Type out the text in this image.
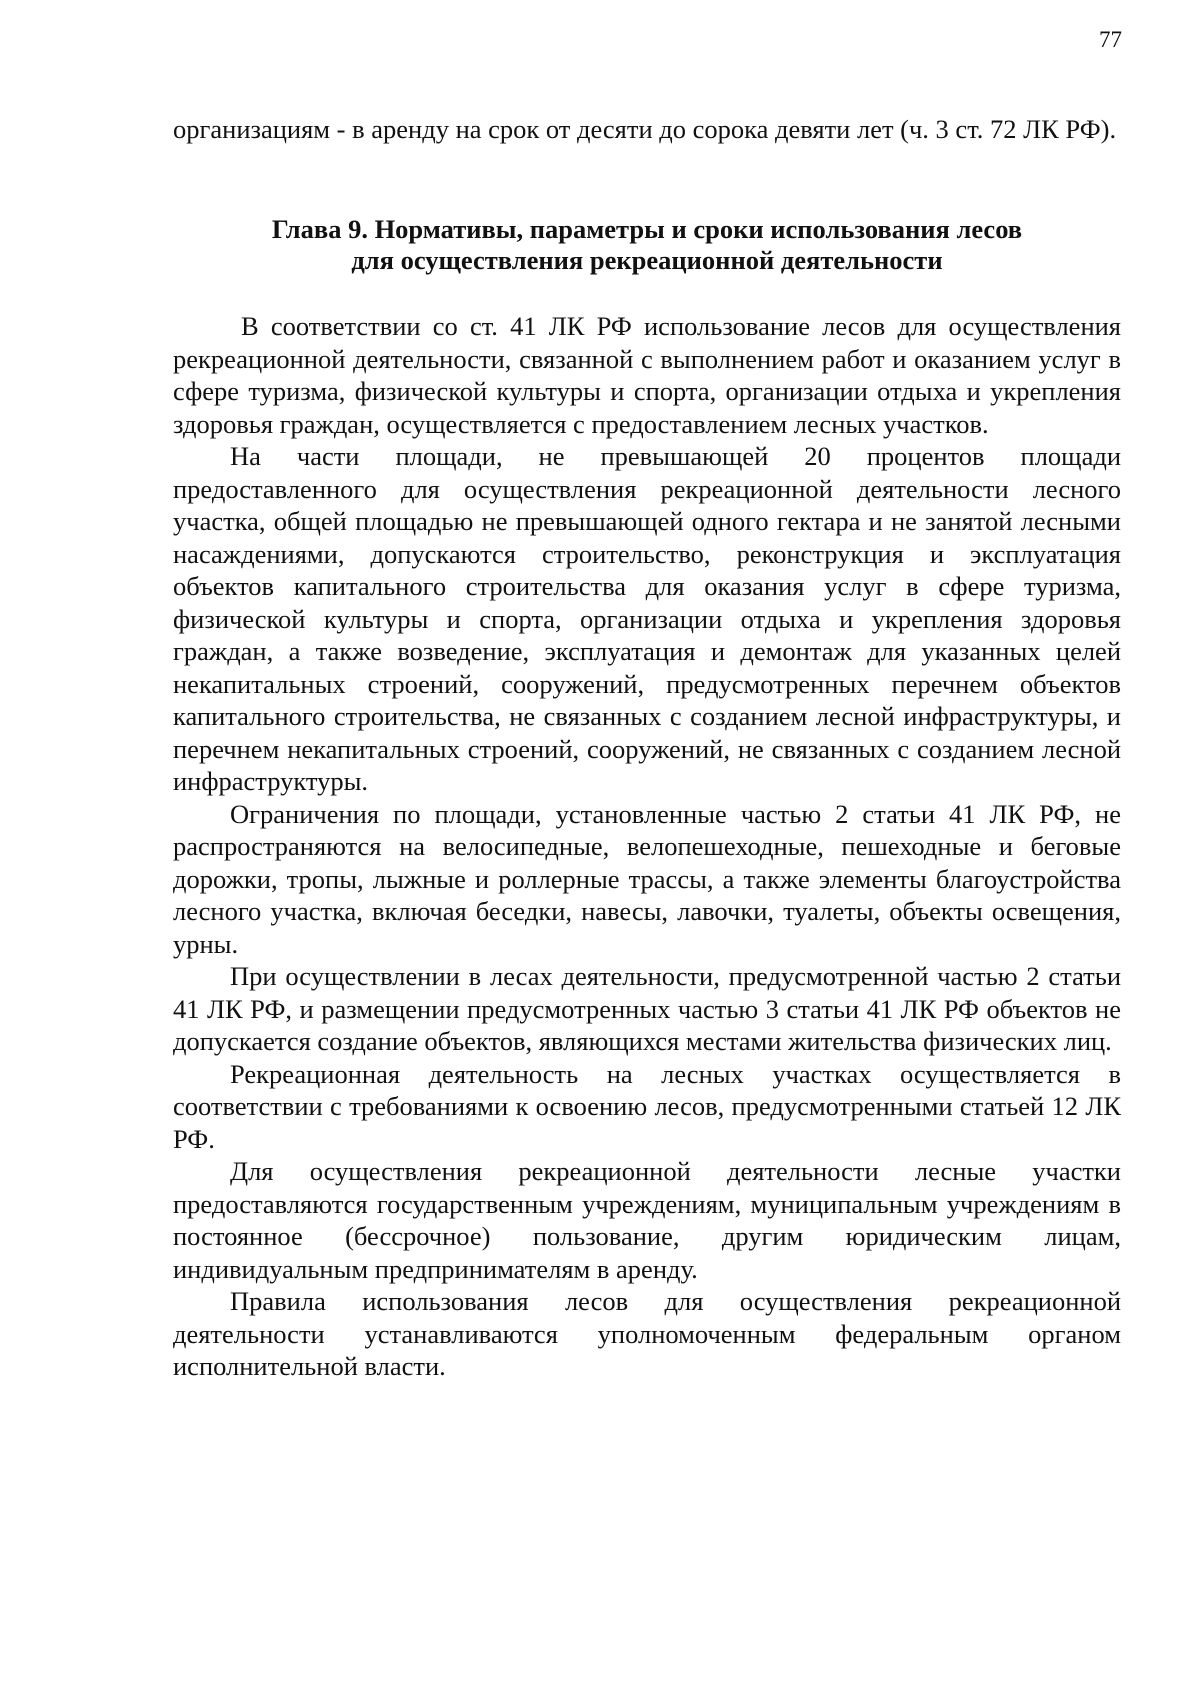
77
организациям - в аренду на срок от десяти до сорока девяти лет (ч. 3 ст. 72 ЛК РФ).
Глава 9. Нормативы, параметры и сроки использования лесов
для осуществления рекреационной деятельности

В соответствии со ст. 41 ЛК РФ использование лесов для осуществления рекреационной деятельности, связанной с выполнением работ и оказанием услуг в сфере туризма, физической культуры и спорта, организации отдыха и укрепления здоровья граждан, осуществляется с предоставлением лесных участков.

На части площади, не превышающей 20 процентов площади предоставленного для осуществления рекреационной деятельности лесного участка, общей площадью не превышающей одного гектара и не занятой лесными насаждениями, допускаются строительство, реконструкция и эксплуатация объектов капитального строительства для оказания услуг в сфере туризма, физической культуры и спорта, организации отдыха и укрепления здоровья граждан, а также возведение, эксплуатация и демонтаж для указанных целей некапитальных строений, сооружений, предусмотренных перечнем объектов капитального строительства, не связанных с созданием лесной инфраструктуры, и перечнем некапитальных строений, сооружений, не связанных с созданием лесной инфраструктуры.

Ограничения по площади, установленные частью 2 статьи 41 ЛК РФ, не распространяются на велосипедные, велопешеходные, пешеходные и беговые дорожки, тропы, лыжные и роллерные трассы, а также элементы благоустройства лесного участка, включая беседки, навесы, лавочки, туалеты, объекты освещения, урны.

При осуществлении в лесах деятельности, предусмотренной частью 2 статьи 41 ЛК РФ, и размещении предусмотренных частью 3 статьи 41 ЛК РФ объектов не допускается создание объектов, являющихся местами жительства физических лиц.

Рекреационная деятельность на лесных участках осуществляется в соответствии с требованиями к освоению лесов, предусмотренными статьей 12 ЛК РФ.

Для осуществления рекреационной деятельности лесные участки предоставляются государственным учреждениям, муниципальным учреждениям в постоянное (бессрочное) пользование, другим юридическим лицам, индивидуальным предпринимателям в аренду.

Правила использования лесов для осуществления рекреационной деятельности устанавливаются уполномоченным федеральным органом исполнительной власти.
